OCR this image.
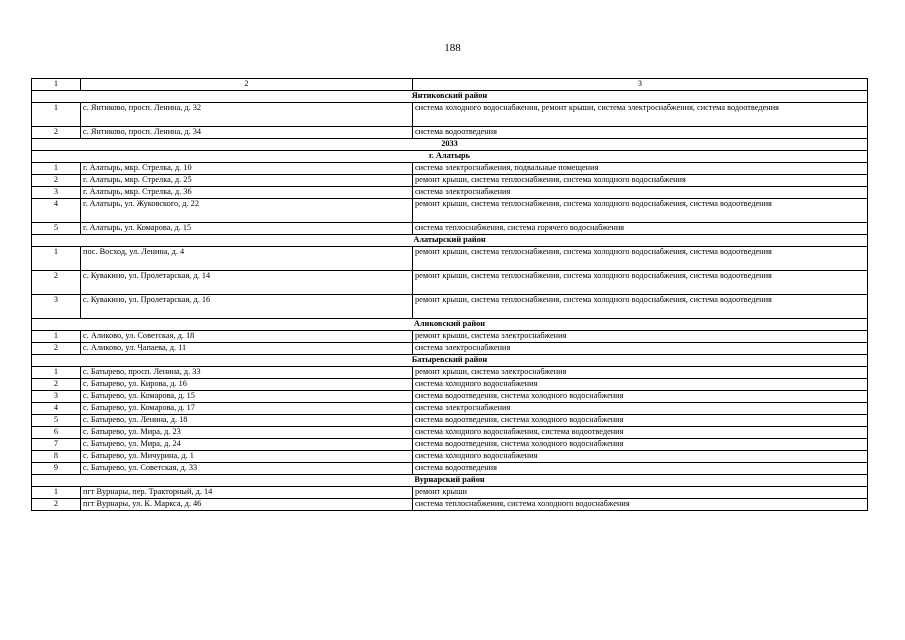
188
1	2	3
Янтиковский район		
1	с. Янтиково, просп. Ленина, д. 32	система холодного водоснабжения, ремонт крыши, система электроснабжения, система водоотведения
2	с. Янтиково, просп. Ленина, д. 34	система водоотведения
2033		
г. Алатырь		
1	г. Алатырь, мкр. Стрелка, д. 10	система электроснабжения, подвальные помещения
2	г. Алатырь, мкр. Стрелка, д. 25	ремонт крыши, система теплоснабжения, система холодного водоснабжения
3	г. Алатырь, мкр. Стрелка, д. 36	система электроснабжения
4	г. Алатырь, ул. Жуковского, д. 22	ремонт крыши, система теплоснабжения, система холодного водоснабжения, система водоотведения
5	г. Алатырь, ул. Комарова, д. 15	система теплоснабжения, система горячего водоснабжения
Алатырский район		
1	пос. Восход, ул. Ленина, д. 4	ремонт крыши, система теплоснабжения, система холодного водоснабжения, система водоотведения
2	с. Кувакино, ул. Пролетарская, д. 14	ремонт крыши, система теплоснабжения, система холодного водоснабжения, система водоотведения
3	с. Кувакино, ул. Пролетарская, д. 16	ремонт крыши, система теплоснабжения, система холодного водоснабжения, система водоотведения
Аликовский район		
1	с. Аликово, ул. Советская, д. 18	ремонт крыши, система электроснабжения
2	с. Аликово, ул. Чапаева, д. 11	система электроснабжения
Батыревский район		
1	с. Батырево, просп. Ленина, д. 33	ремонт крыши, система электроснабжения
2	с. Батырево, ул. Кирова, д. 16	система холодного водоснабжения
3	с. Батырево, ул. Комарова, д. 15	система водоотведения, система холодного водоснабжения
4	с. Батырево, ул. Комарова, д. 17	система электроснабжения
5	с. Батырево, ул. Ленина, д. 18	система водоотведения, система холодного водоснабжения
6	с. Батырево, ул. Мира, д. 23	система холодного водоснабжения, система водоотведения
7	с. Батырево, ул. Мира, д. 24	система водоотведения, система холодного водоснабжения
8	с. Батырево, ул. Мичурина, д. 1	система холодного водоснабжения
9	с. Батырево, ул. Советская, д. 33	система водоотведения
Вурнарский район		
1	пгт Вурнары, пер. Тракторный, д. 14	ремонт крыши
2	пгт Вурнары, ул. К. Маркса, д. 46	система теплоснабжения, система холодного водоснабжения
